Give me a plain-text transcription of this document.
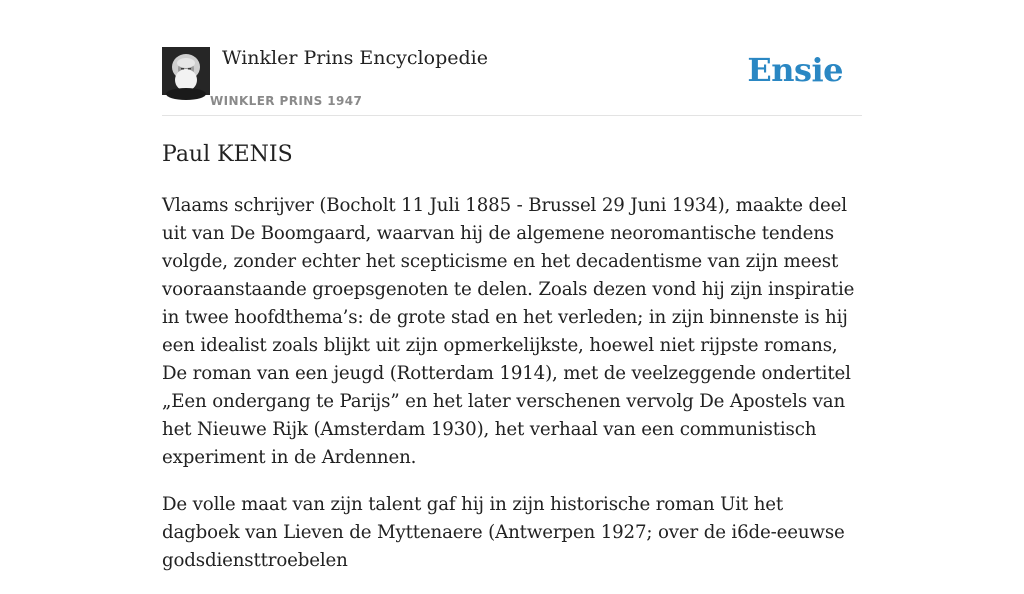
Winkler Prins Encyclopedie
WINKLER PRINS 1947
Ensie
Paul KENIS

Vlaams schrijver (Bocholt 11 Juli 1885 - Brussel 29 Juni 1934), maakte deel uit van De Boomgaard, waarvan hij de algemene neoromantische tendens volgde, zonder echter het scepticisme en het decadentisme van zijn meest vooraanstaande groepsgenoten te delen. Zoals dezen vond hij zijn inspiratie in twee hoofdthema’s: de grote stad en het verleden; in zijn binnenste is hij een idealist zoals blijkt uit zijn opmerkelijkste, hoewel niet rijpste romans, De roman van een jeugd (Rotterdam 1914), met de veelzeggende ondertitel „Een ondergang te Parijs” en het later verschenen vervolg De Apostels van het Nieuwe Rijk (Amsterdam 1930), het verhaal van een communistisch experiment in de Ardennen.

De volle maat van zijn talent gaf hij in zijn historische roman Uit het dagboek van Lieven de Myttenaere (Antwerpen 1927; over de i6de-eeuwse godsdiensttroebelen
